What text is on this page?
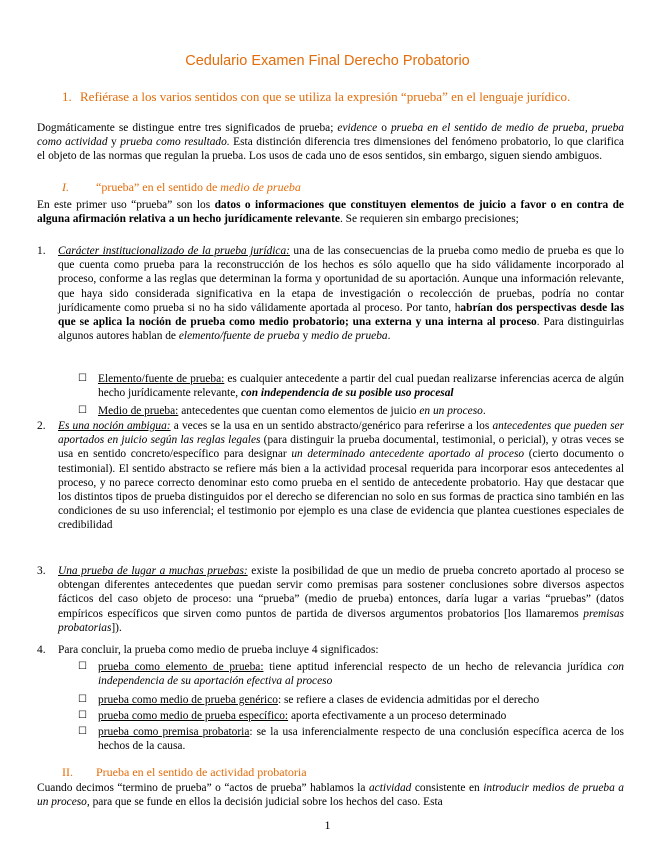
Cedulario Examen Final Derecho Probatorio
1. Refiérase a los varios sentidos con que se utiliza la expresión “prueba” en el lenguaje jurídico.
Dogmáticamente se distingue entre tres significados de prueba; evidence o prueba en el sentido de medio de prueba, prueba como actividad y prueba como resultado. Esta distinción diferencia tres dimensiones del fenómeno probatorio, lo que clarifica el objeto de las normas que regulan la prueba. Los usos de cada uno de esos sentidos, sin embargo, siguen siendo ambiguos.
I. “prueba” en el sentido de medio de prueba
En este primer uso “prueba” son los datos o informaciones que constituyen elementos de juicio a favor o en contra de alguna afirmación relativa a un hecho jurídicamente relevante. Se requieren sin embargo precisiones;
1. Carácter institucionalizado de la prueba jurídica: una de las consecuencias de la prueba como medio de prueba es que lo que cuenta como prueba para la reconstrucción de los hechos es sólo aquello que ha sido válidamente incorporado al proceso, conforme a las reglas que determinan la forma y oportunidad de su aportación. Aunque una información relevante, que haya sido considerada significativa en la etapa de investigación o recolección de pruebas, podría no contar jurídicamente como prueba si no ha sido válidamente aportada al proceso. Por tanto, habrían dos perspectivas desde las que se aplica la noción de prueba como medio probatorio; una externa y una interna al proceso. Para distinguirlas algunos autores hablan de elemento/fuente de prueba y medio de prueba.
☐ Elemento/fuente de prueba: es cualquier antecedente a partir del cual puedan realizarse inferencias acerca de algún hecho jurídicamente relevante, con independencia de su posible uso procesal
☐ Medio de prueba: antecedentes que cuentan como elementos de juicio en un proceso.
2. Es una noción ambigua: a veces se la usa en un sentido abstracto/genérico para referirse a los antecedentes que pueden ser aportados en juicio según las reglas legales (para distinguir la prueba documental, testimonial, o pericial), y otras veces se usa en sentido concreto/específico para designar un determinado antecedente aportado al proceso (cierto documento o testimonial). El sentido abstracto se refiere más bien a la actividad procesal requerida para incorporar esos antecedentes al proceso, y no parece correcto denominar esto como prueba en el sentido de antecedente probatorio. Hay que destacar que los distintos tipos de prueba distinguidos por el derecho se diferencian no solo en sus formas de practica sino también en las condiciones de su uso inferencial; el testimonio por ejemplo es una clase de evidencia que plantea cuestiones especiales de credibilidad
3. Una prueba de lugar a muchas pruebas: existe la posibilidad de que un medio de prueba concreto aportado al proceso se obtengan diferentes antecedentes que puedan servir como premisas para sostener conclusiones sobre diversos aspectos fácticos del caso objeto de proceso: una “prueba” (medio de prueba) entonces, daría lugar a varias “pruebas” (datos empíricos específicos que sirven como puntos de partida de diversos argumentos probatorios [los llamaremos premisas probatorias]).
4. Para concluir, la prueba como medio de prueba incluye 4 significados:
☐ prueba como elemento de prueba: tiene aptitud inferencial respecto de un hecho de relevancia jurídica con independencia de su aportación efectiva al proceso
☐ prueba como medio de prueba genérico: se refiere a clases de evidencia admitidas por el derecho
☐ prueba como medio de prueba específico: aporta efectivamente a un proceso determinado
☐ prueba como premisa probatoria: se la usa inferencialmente respecto de una conclusión específica acerca de los hechos de la causa.
II. Prueba en el sentido de actividad probatoria
Cuando decimos “termino de prueba” o “actos de prueba” hablamos la actividad consistente en introducir medios de prueba a un proceso, para que se funde en ellos la decisión judicial sobre los hechos del caso. Esta
1
